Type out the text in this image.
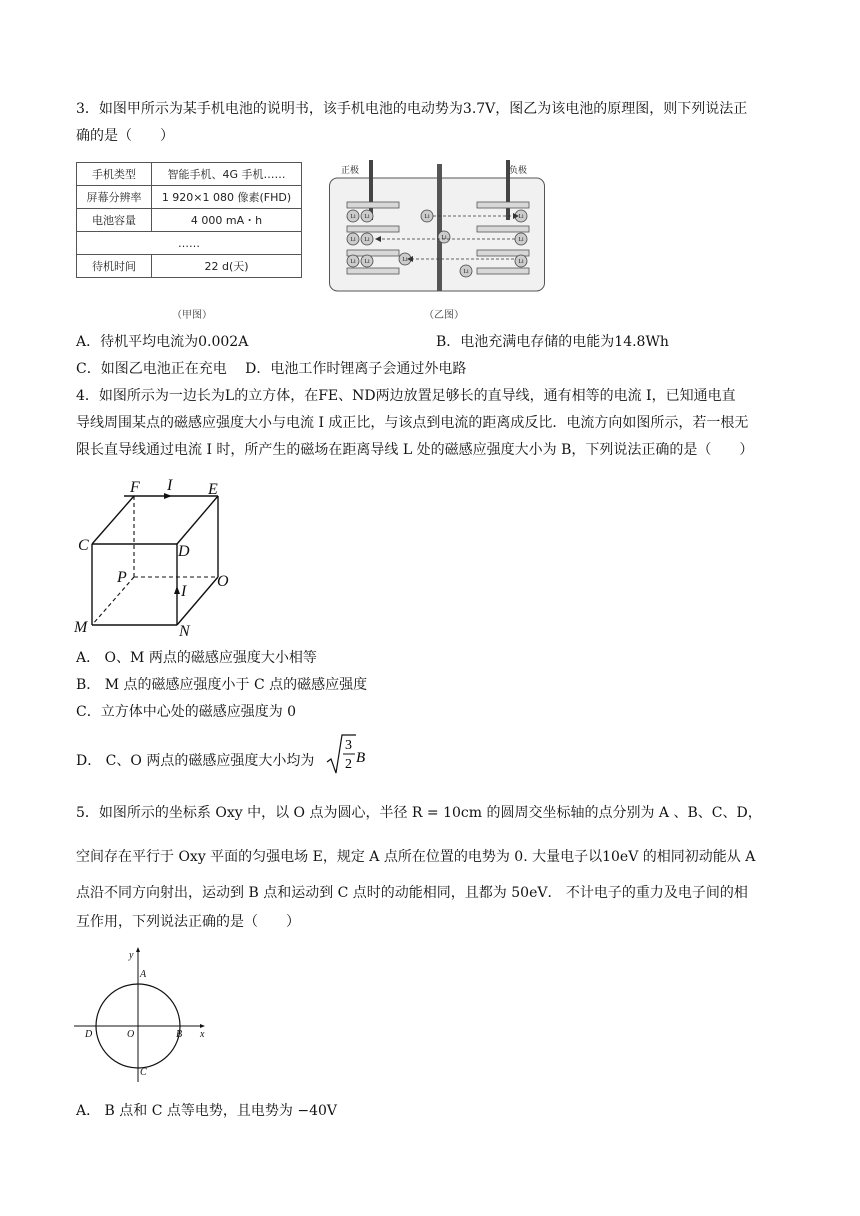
3．如图甲所示为某手机电池的说明书，该手机电池的电动势为3.7V，图乙为该电池的原理图，则下列说法正
确的是（　　）
手机类型	智能手机、4G 手机……
屏幕分辨率	1 920×1 080 像素(FHD)
电池容量	4 000 mA・h
……	
待机时间	22 d(天)
（甲图）
正极	负极
Li Li
Li Li
Li Li
Li
Li
Li
Li
Li
Li
Li
（乙图）
A．待机平均电流为0.002A	B．电池充满电存储的电能为14.8Wh
C．如图乙电池正在充电　 D．电池工作时锂离子会通过外电路
4．如图所示为一边长为L的立方体，在FE、ND两边放置足够长的直导线，通有相等的电流 I，已知通电直
导线周围某点的磁感应强度大小与电流 I 成正比，与该点到电流的距离成反比．电流方向如图所示，若一根无
限长直导线通过电流 I 时，所产生的磁场在距离导线 L 处的磁感应强度大小为 B，下列说法正确的是（　　）
F I E
C	D
P	O
I
M	N
A． O、M 两点的磁感应强度大小相等
B． M 点的磁感应强度小于 C 点的磁感应强度
C．立方体中心处的磁感应强度为 0
D． C、O 两点的磁感应强度大小均为
3
2 B
5．如图所示的坐标系 Oxy 中，以 O 点为圆心，半径 R = 10cm 的圆周交坐标轴的点分别为 A 、B、C、D，
空间存在平行于 Oxy 平面的匀强电场 E，规定 A 点所在位置的电势为 0. 大量电子以10eV 的相同初动能从 A
点沿不同方向射出，运动到 B 点和运动到 C 点时的动能相同，且都为 50eV． 不计电子的重力及电子间的相
互作用，下列说法正确的是（　　）
y
A
D	O	B x
C
A． B 点和 C 点等电势，且电势为 −40V
